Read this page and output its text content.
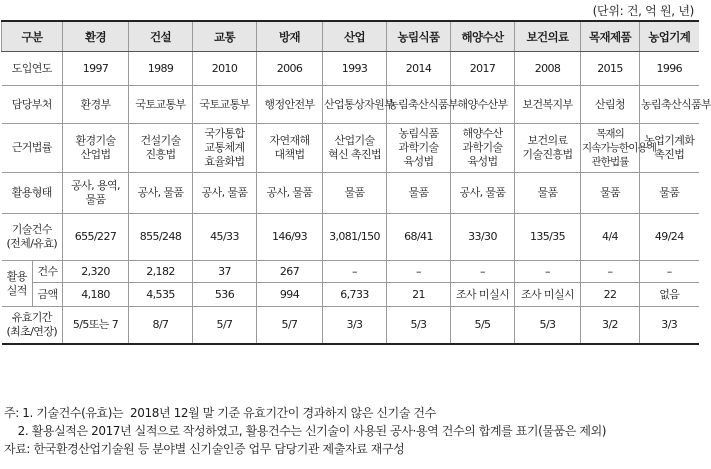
(단위: 건, 억 원, 년)
구분		환경	건설	교통	방재	산업	농림식품	해양수산	보건의료	목재제품	농업기계
도입연도		1997	1989	2010	2006	1993	2014	2017	2008	2015	1996
담당부처		환경부	국토교통부	국토교통부	행정안전부	산업통상자원부	농림축산식품부	해양수산부	보건복지부	산림청	농림축산식품부
근거법률		환경기술 산업법	건설기술 진흥법	국가통합 교통체계 효율화법	자연재해 대책법	산업기술 혁신 촉진법	농림식품 과학기술 육성법	해양수산 과학기술 육성법	보건의료 기술진흥법	목재의 지속가능한이용에 관한법률	농업기계화 촉진법
활용형태		공사, 용역, 물품	공사, 물품	공사, 물품	공사, 물품	물품	물품	공사, 물품	물품	물품	물품
기술건수 (전체/유효)		655/227	855/248	45/33	146/93	3,081/150	68/41	33/30	135/35	4/4	49/24
활용 실적	건수	2,320	2,182	37	267	–	–	–	–	–	–
	금액	4,180	4,535	536	994	6,733	21	조사 미실시	조사 미실시	22	없음
유효기간 (최초/연장)		5/5또는 7	8/7	5/7	5/7	3/3	5/3	5/5	5/3	3/2	3/3
주: 1. 기술건수(유효)는  2018년 12월 말 기준 유효기간이 경과하지 않은 신기술 건수
2. 활용실적은 2017년 실적으로 작성하였고, 활용건수는 신기술이 사용된 공사·용역 건수의 합계를 표기(물품은 제외)
자료: 한국환경산업기술원 등 분야별 신기술인증 업무 담당기관 제출자료 재구성
